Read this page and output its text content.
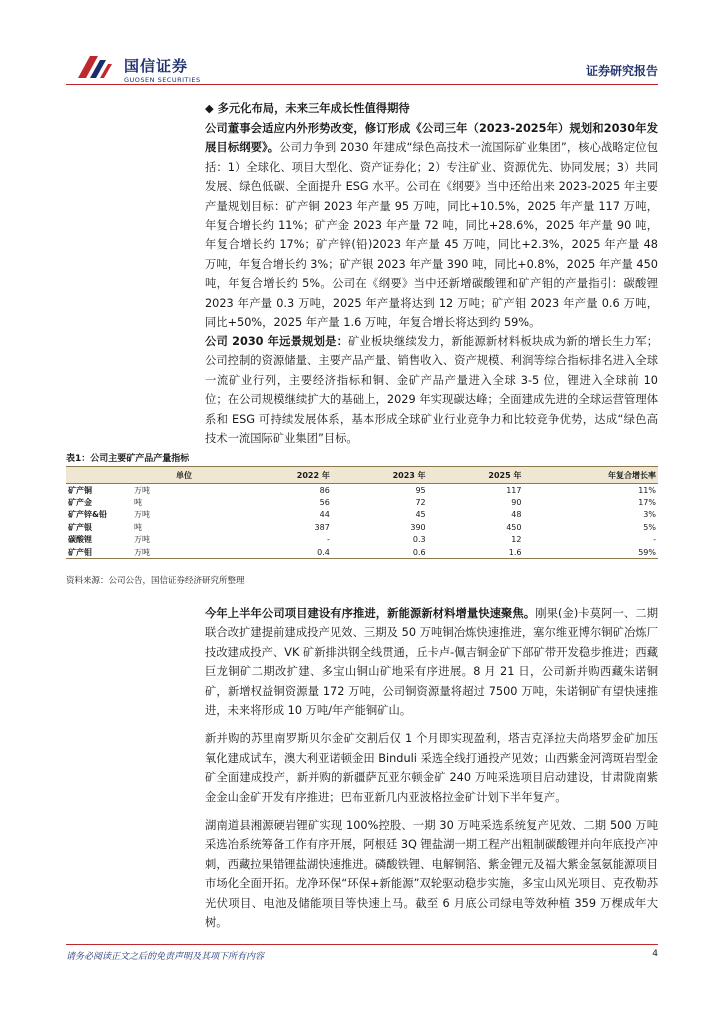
国信证券
GUOSEN SECURITIES
证券研究报告
◆ 多元化布局，未来三年成长性值得期待

公司董事会适应内外形势改变，修订形成《公司三年（2023-2025年）规划和2030年发展目标纲要》。公司力争到 2030 年建成“绿色高技术一流国际矿业集团”，核心战略定位包括：1）全球化、项目大型化、资产证券化；2）专注矿业、资源优先、协同发展；3）共同发展、绿色低碳、全面提升 ESG 水平。公司在《纲要》当中还给出来 2023-2025 年主要产量规划目标：矿产铜 2023 年产量 95 万吨，同比+10.5%，2025 年产量 117 万吨，年复合增长约 11%；矿产金 2023 年产量 72 吨，同比+28.6%，2025 年产量 90 吨，年复合增长约 17%；矿产锌(铅)2023 年产量 45 万吨，同比+2.3%，2025 年产量 48 万吨，年复合增长约 3%；矿产银 2023 年产量 390 吨，同比+0.8%，2025 年产量 450 吨，年复合增长约 5%。公司在《纲要》当中还新增碳酸锂和矿产钼的产量指引：碳酸锂 2023 年产量 0.3 万吨，2025 年产量将达到 12 万吨；矿产钼 2023 年产量 0.6 万吨，同比+50%，2025 年产量 1.6 万吨，年复合增长将达到约 59%。

公司 2030 年远景规划是：矿业板块继续发力，新能源新材料板块成为新的增长生力军；公司控制的资源储量、主要产品产量、销售收入、资产规模、利润等综合指标排名进入全球一流矿业行列，主要经济指标和铜、金矿产品产量进入全球 3-5 位，锂进入全球前 10 位；在公司规模继续扩大的基础上，2029 年实现碳达峰；全面建成先进的全球运营管理体系和 ESG 可持续发展体系，基本形成全球矿业行业竞争力和比较竞争优势，达成“绿色高技术一流国际矿业集团”目标。

表1：公司主要矿产品产量指标
	单位	2022 年	2023 年	2025 年	年复合增长率
矿产铜	万吨	86	95	117	11%
矿产金	吨	56	72	90	17%
矿产锌&铅	万吨	44	45	48	3%
矿产银	吨	387	390	450	5%
碳酸锂	万吨	-	0.3	12	-
矿产钼	万吨	0.4	0.6	1.6	59%
资料来源：公司公告，国信证券经济研究所整理

今年上半年公司项目建设有序推进，新能源新材料增量快速聚焦。刚果(金)卡莫阿一、二期联合改扩建提前建成投产见效、三期及 50 万吨铜冶炼快速推进，塞尔维亚博尔铜矿冶炼厂技改建成投产、VK 矿新排洪钢全线贯通，丘卡卢-佩吉铜金矿下部矿带开发稳步推进；西藏巨龙铜矿二期改扩建、多宝山铜山矿地采有序进展。8 月 21 日，公司新并购西藏朱诺铜矿，新增权益铜资源量 172 万吨，公司铜资源量将超过 7500 万吨，朱诺铜矿有望快速推进，未来将形成 10 万吨/年产能铜矿山。

新并购的苏里南罗斯贝尔金矿交割后仅 1 个月即实现盈利，塔吉克泽拉夫尚塔罗金矿加压氧化建成试车，澳大利亚诺顿金田 Binduli 采选全线打通投产见效；山西紫金河湾斑岩型金矿全面建成投产，新并购的新疆萨瓦亚尔顿金矿 240 万吨采选项目启动建设，甘肃陇南紫金金山金矿开发有序推进；巴布亚新几内亚波格拉金矿计划下半年复产。

湖南道县湘源硬岩锂矿实现 100%控股、一期 30 万吨采选系统复产见效、二期 500 万吨采选冶系统筹备工作有序开展，阿根廷 3Q 锂盐湖一期工程产出粗制碳酸锂并向年底投产冲刺，西藏拉果错锂盐湖快速推进。磷酸铁锂、电解铜箔、紫金锂元及福大紫金氢氨能源项目市场化全面开拓。龙净环保“环保+新能源”双轮驱动稳步实施，多宝山风光项目、克孜勒苏光伏项目、电池及储能项目等快速上马。截至 6 月底公司绿电等效种植 359 万棵成年大树。

请务必阅读正文之后的免责声明及其项下所有内容	4
